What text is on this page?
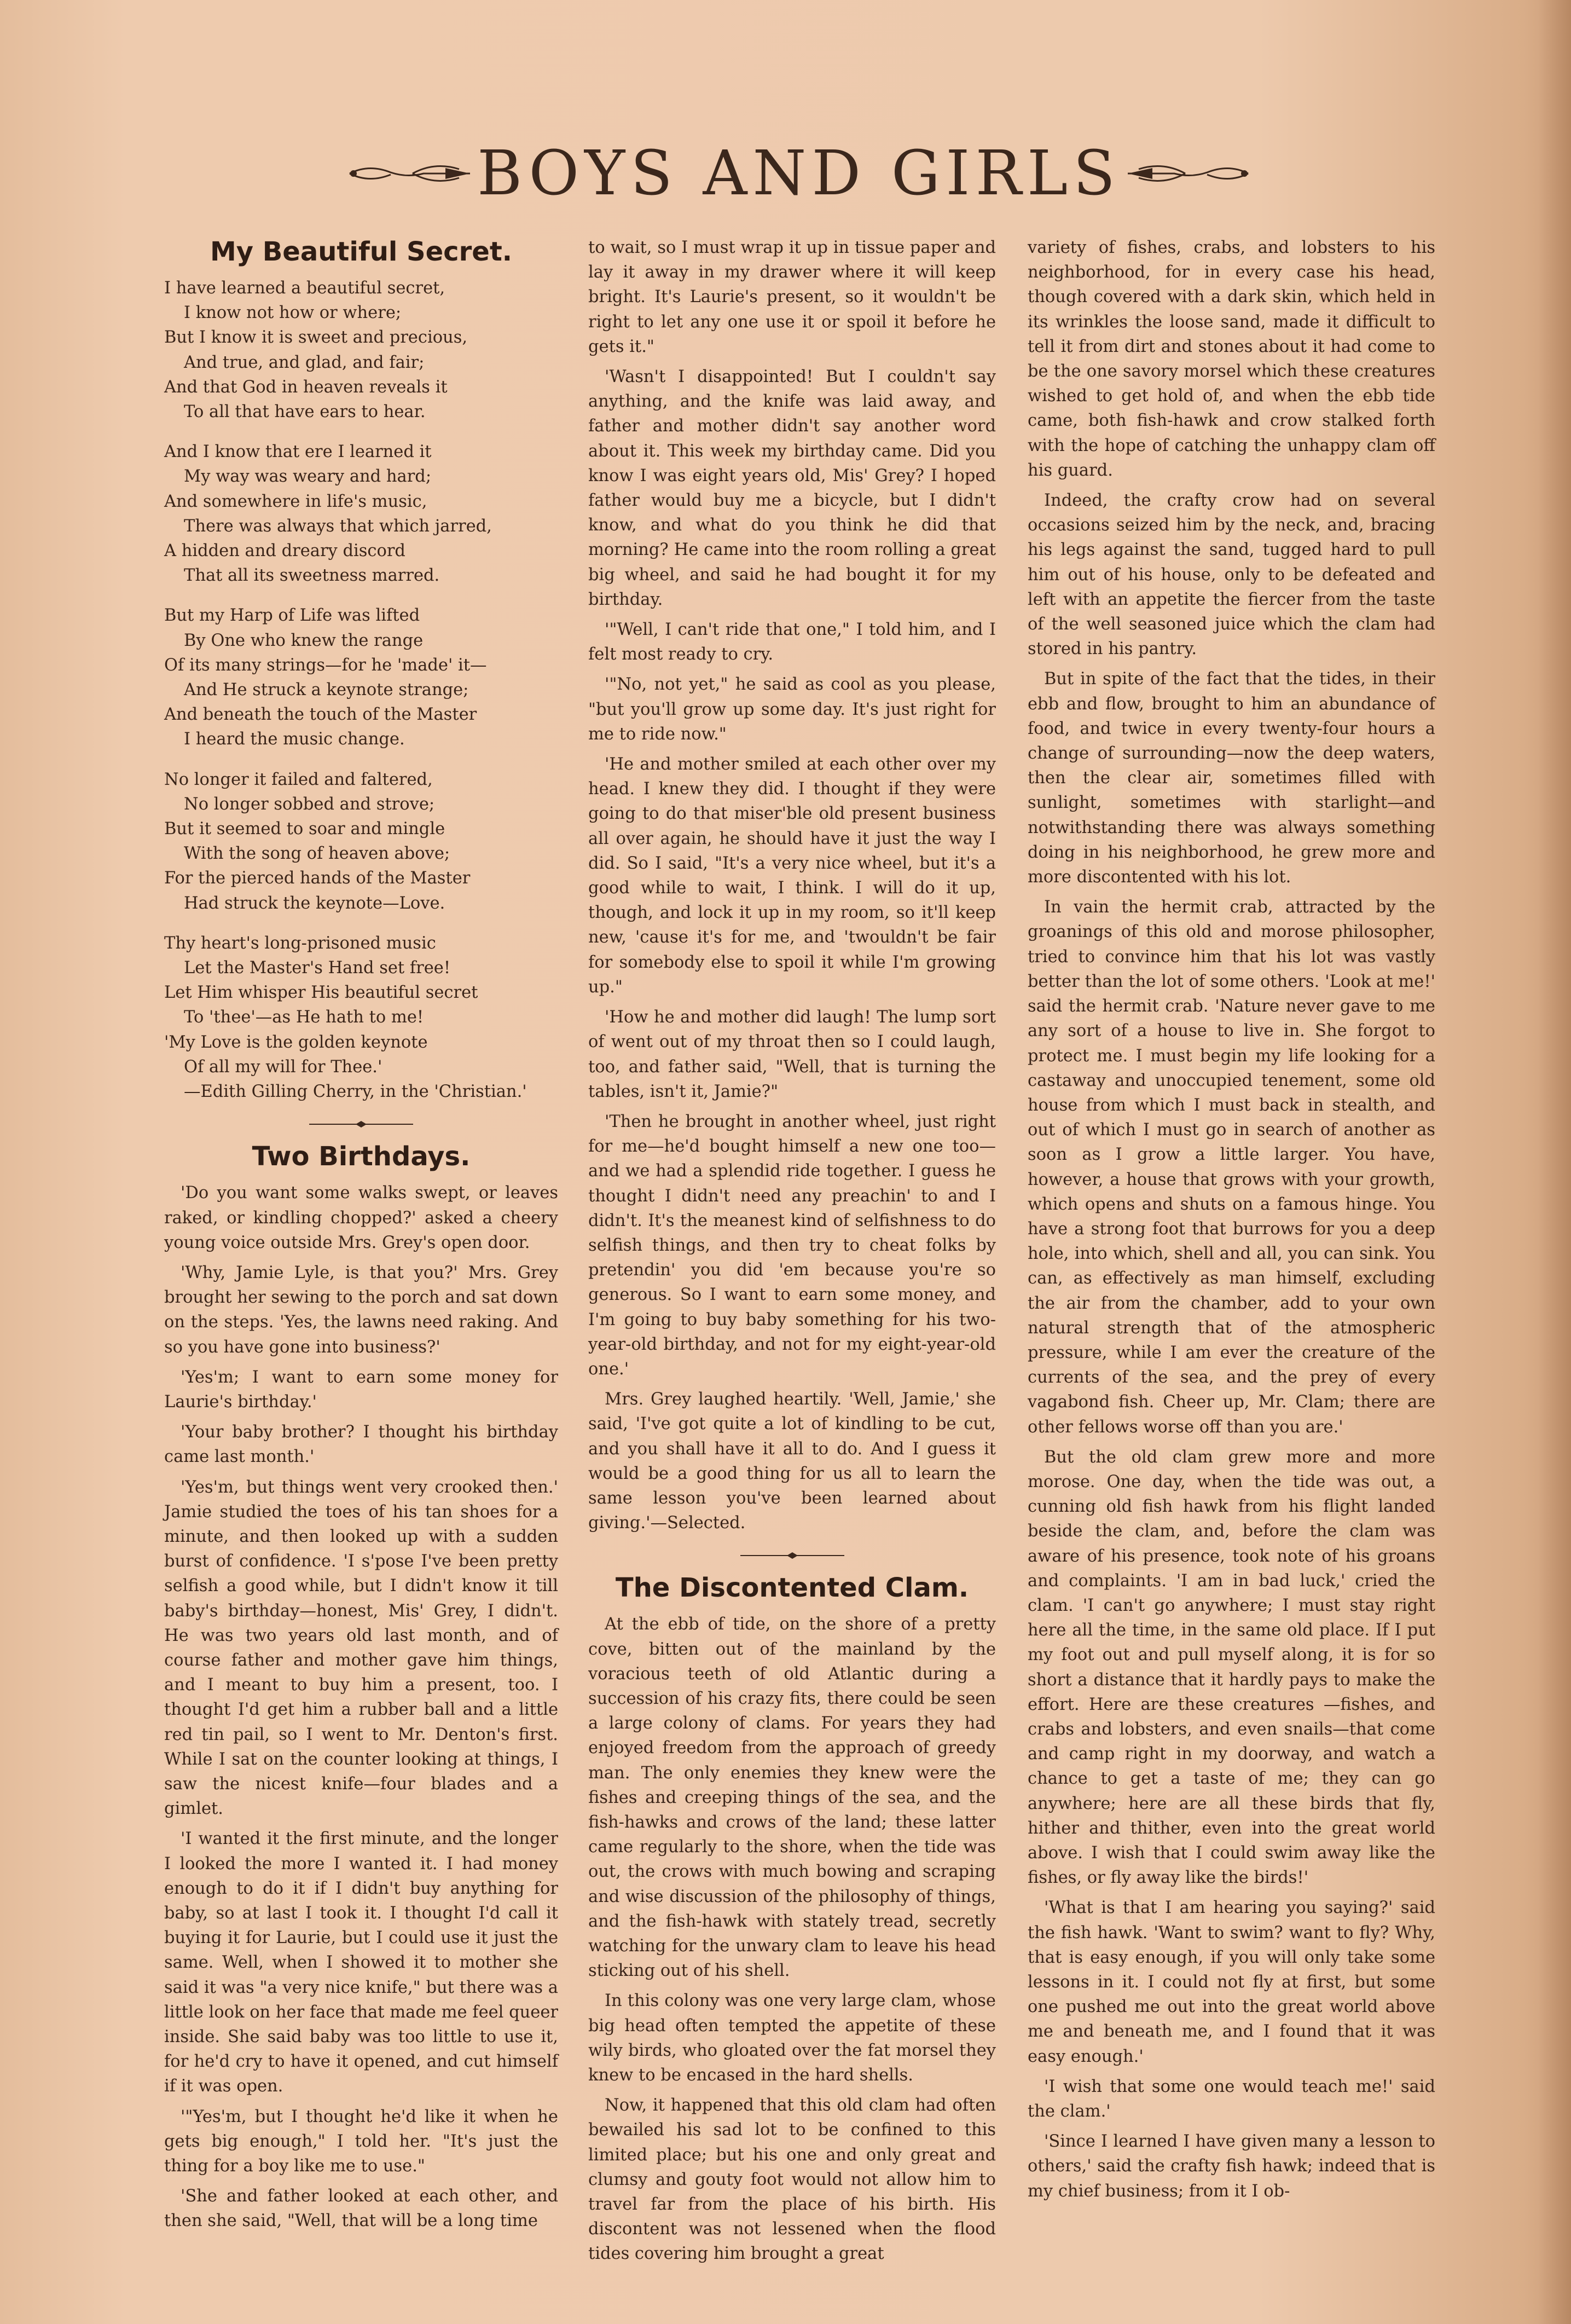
BOYS AND GIRLS
My Beautiful Secret.

I have learned a beautiful secret,

I know not how or where;

But I know it is sweet and precious,

And true, and glad, and fair;

And that God in heaven reveals it

To all that have ears to hear.

And I know that ere I learned it

My way was weary and hard;

And somewhere in life's music,

There was always that which jarred,

A hidden and dreary discord

That all its sweetness marred.

But my Harp of Life was lifted

By One who knew the range

Of its many strings—for he 'made' it—

And He struck a keynote strange;

And beneath the touch of the Master

I heard the music change.

No longer it failed and faltered,

No longer sobbed and strove;

But it seemed to soar and mingle

With the song of heaven above;

For the pierced hands of the Master

Had struck the keynote—Love.

Thy heart's long-prisoned music

Let the Master's Hand set free!

Let Him whisper His beautiful secret

To 'thee'—as He hath to me!

'My Love is the golden keynote

Of all my will for Thee.'

—Edith Gilling Cherry, in the 'Christian.'

Two Birthdays.

'Do you want some walks swept, or leaves raked, or kindling chopped?' asked a cheery young voice outside Mrs. Grey's open door.

'Why, Jamie Lyle, is that you?' Mrs. Grey brought her sewing to the porch and sat down on the steps. 'Yes, the lawns need raking. And so you have gone into business?'

'Yes'm; I want to earn some money for Laurie's birthday.'

'Your baby brother? I thought his birthday came last month.'

'Yes'm, but things went very crooked then.' Jamie studied the toes of his tan shoes for a minute, and then looked up with a sudden burst of confidence. 'I s'pose I've been pretty selfish a good while, but I didn't know it till baby's birthday—honest, Mis' Grey, I didn't. He was two years old last month, and of course father and mother gave him things, and I meant to buy him a present, too. I thought I'd get him a rubber ball and a little red tin pail, so I went to Mr. Denton's first. While I sat on the counter looking at things, I saw the nicest knife—four blades and a gimlet.

'I wanted it the first minute, and the longer I looked the more I wanted it. I had money enough to do it if I didn't buy anything for baby, so at last I took it. I thought I'd call it buying it for Laurie, but I could use it just the same. Well, when I showed it to mother she said it was "a very nice knife," but there was a little look on her face that made me feel queer inside. She said baby was too little to use it, for he'd cry to have it opened, and cut himself if it was open.

'"Yes'm, but I thought he'd like it when he gets big enough," I told her. "It's just the thing for a boy like me to use."

'She and father looked at each other, and then she said, "Well, that will be a long time

to wait, so I must wrap it up in tissue paper and lay it away in my drawer where it will keep bright. It's Laurie's present, so it wouldn't be right to let any one use it or spoil it before he gets it."

'Wasn't I disappointed! But I couldn't say anything, and the knife was laid away, and father and mother didn't say another word about it. This week my birthday came. Did you know I was eight years old, Mis' Grey? I hoped father would buy me a bicycle, but I didn't know, and what do you think he did that morning? He came into the room rolling a great big wheel, and said he had bought it for my birthday.

'"Well, I can't ride that one," I told him, and I felt most ready to cry.

'"No, not yet," he said as cool as you please, "but you'll grow up some day. It's just right for me to ride now."

'He and mother smiled at each other over my head. I knew they did. I thought if they were going to do that miser'ble old present business all over again, he should have it just the way I did. So I said, "It's a very nice wheel, but it's a good while to wait, I think. I will do it up, though, and lock it up in my room, so it'll keep new, 'cause it's for me, and 'twouldn't be fair for somebody else to spoil it while I'm growing up."

'How he and mother did laugh! The lump sort of went out of my throat then so I could laugh, too, and father said, "Well, that is turning the tables, isn't it, Jamie?"

'Then he brought in another wheel, just right for me—he'd bought himself a new one too—and we had a splendid ride together. I guess he thought I didn't need any preachin' to and I didn't. It's the meanest kind of selfishness to do selfish things, and then try to cheat folks by pretendin' you did 'em because you're so generous. So I want to earn some money, and I'm going to buy baby something for his two-year-old birthday, and not for my eight-year-old one.'

Mrs. Grey laughed heartily. 'Well, Jamie,' she said, 'I've got quite a lot of kindling to be cut, and you shall have it all to do. And I guess it would be a good thing for us all to learn the same lesson you've been learned about giving.'—Selected.

The Discontented Clam.

At the ebb of tide, on the shore of a pretty cove, bitten out of the mainland by the voracious teeth of old Atlantic during a succession of his crazy fits, there could be seen a large colony of clams. For years they had enjoyed freedom from the approach of greedy man. The only enemies they knew were the fishes and creeping things of the sea, and the fish-hawks and crows of the land; these latter came regularly to the shore, when the tide was out, the crows with much bowing and scraping and wise discussion of the philosophy of things, and the fish-hawk with stately tread, secretly watching for the unwary clam to leave his head sticking out of his shell.

In this colony was one very large clam, whose big head often tempted the appetite of these wily birds, who gloated over the fat morsel they knew to be encased in the hard shells.

Now, it happened that this old clam had often bewailed his sad lot to be confined to this limited place; but his one and only great and clumsy and gouty foot would not allow him to travel far from the place of his birth. His discontent was not lessened when the flood tides covering him brought a great

variety of fishes, crabs, and lobsters to his neighborhood, for in every case his head, though covered with a dark skin, which held in its wrinkles the loose sand, made it difficult to tell it from dirt and stones about it had come to be the one savory morsel which these creatures wished to get hold of, and when the ebb tide came, both fish-hawk and crow stalked forth with the hope of catching the unhappy clam off his guard.

Indeed, the crafty crow had on several occasions seized him by the neck, and, bracing his legs against the sand, tugged hard to pull him out of his house, only to be defeated and left with an appetite the fiercer from the taste of the well seasoned juice which the clam had stored in his pantry.

But in spite of the fact that the tides, in their ebb and flow, brought to him an abundance of food, and twice in every twenty-four hours a change of surrounding—now the deep waters, then the clear air, sometimes filled with sunlight, sometimes with starlight—and notwithstanding there was always something doing in his neighborhood, he grew more and more discontented with his lot.

In vain the hermit crab, attracted by the groanings of this old and morose philosopher, tried to convince him that his lot was vastly better than the lot of some others. 'Look at me!' said the hermit crab. 'Nature never gave to me any sort of a house to live in. She forgot to protect me. I must begin my life looking for a castaway and unoccupied tenement, some old house from which I must back in stealth, and out of which I must go in search of another as soon as I grow a little larger. You have, however, a house that grows with your growth, which opens and shuts on a famous hinge. You have a strong foot that burrows for you a deep hole, into which, shell and all, you can sink. You can, as effectively as man himself, excluding the air from the chamber, add to your own natural strength that of the atmospheric pressure, while I am ever the creature of the currents of the sea, and the prey of every vagabond fish. Cheer up, Mr. Clam; there are other fellows worse off than you are.'

But the old clam grew more and more morose. One day, when the tide was out, a cunning old fish hawk from his flight landed beside the clam, and, before the clam was aware of his presence, took note of his groans and complaints. 'I am in bad luck,' cried the clam. 'I can't go anywhere; I must stay right here all the time, in the same old place. If I put my foot out and pull myself along, it is for so short a distance that it hardly pays to make the effort. Here are these creatures —fishes, and crabs and lobsters, and even snails—that come and camp right in my doorway, and watch a chance to get a taste of me; they can go anywhere; here are all these birds that fly, hither and thither, even into the great world above. I wish that I could swim away like the fishes, or fly away like the birds!'

'What is that I am hearing you saying?' said the fish hawk. 'Want to swim? want to fly? Why, that is easy enough, if you will only take some lessons in it. I could not fly at first, but some one pushed me out into the great world above me and beneath me, and I found that it was easy enough.'

'I wish that some one would teach me!' said the clam.'

'Since I learned I have given many a lesson to others,' said the crafty fish hawk; indeed that is my chief business; from it I ob-
